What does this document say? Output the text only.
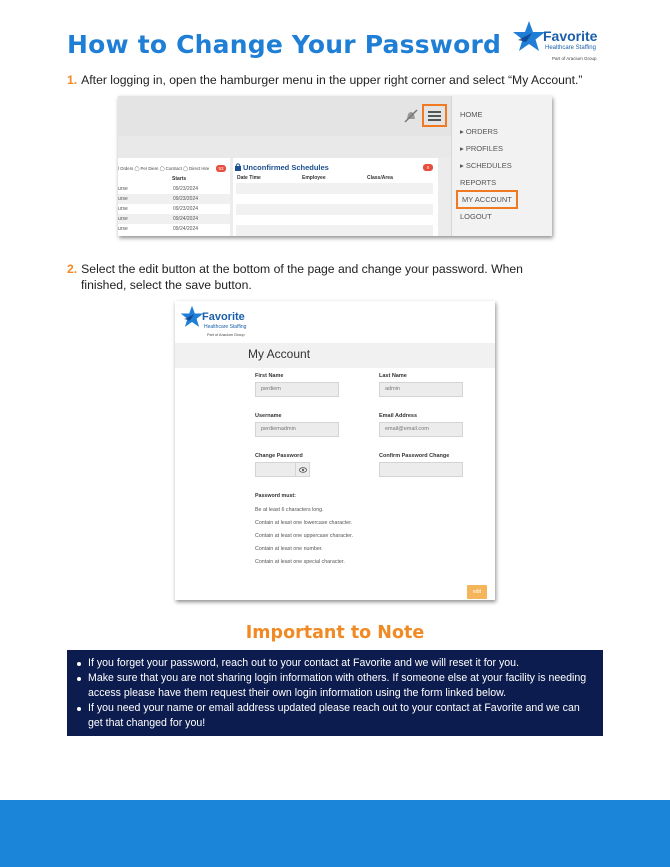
How to Change Your Password	Favorite
Healthcare Staffing
Part of Aracium Group

1. After logging in, open the hamburger menu in the upper right corner and select “My Account.”

HOME
▸ ORDERS
▸ PROFILES
▸ SCHEDULES
REPORTS
MY ACCOUNT
LOGOUT
l Orders ◯ Per Diem ◯ Contract ◯ Direct Hire	53
Starts
urse	09/23/2024
urse	09/23/2024
urse	09/23/2024
urse	09/24/2024
urse	09/24/2024
Unconfirmed Schedules	0
Date Time	Employee	Class/Area

2. Select the edit button at the bottom of the page and change your password. When
finished, select the save button.

Favorite
Healthcare Staffing
Part of Aracium Group
My Account
First Name
perdiem
Last Name
admin
Username
perdiemadmin
Email Address
email@email.com
Change Password	Confirm Password Change
Password must:
Be at least 6 characters long.
Contain at least one lowercase character.
Contain at least one uppercase character.
Contain at least one number.
Contain at least one special character.
edit
Important to Note
If you forget your password, reach out to your contact at Favorite and we will reset it for you.
Make sure that you are not sharing login information with others. If someone else at your facility is needing access please have them request their own login information using the form linked below.
If you need your name or email address updated please reach out to your contact at Favorite and we can get that changed for you!
